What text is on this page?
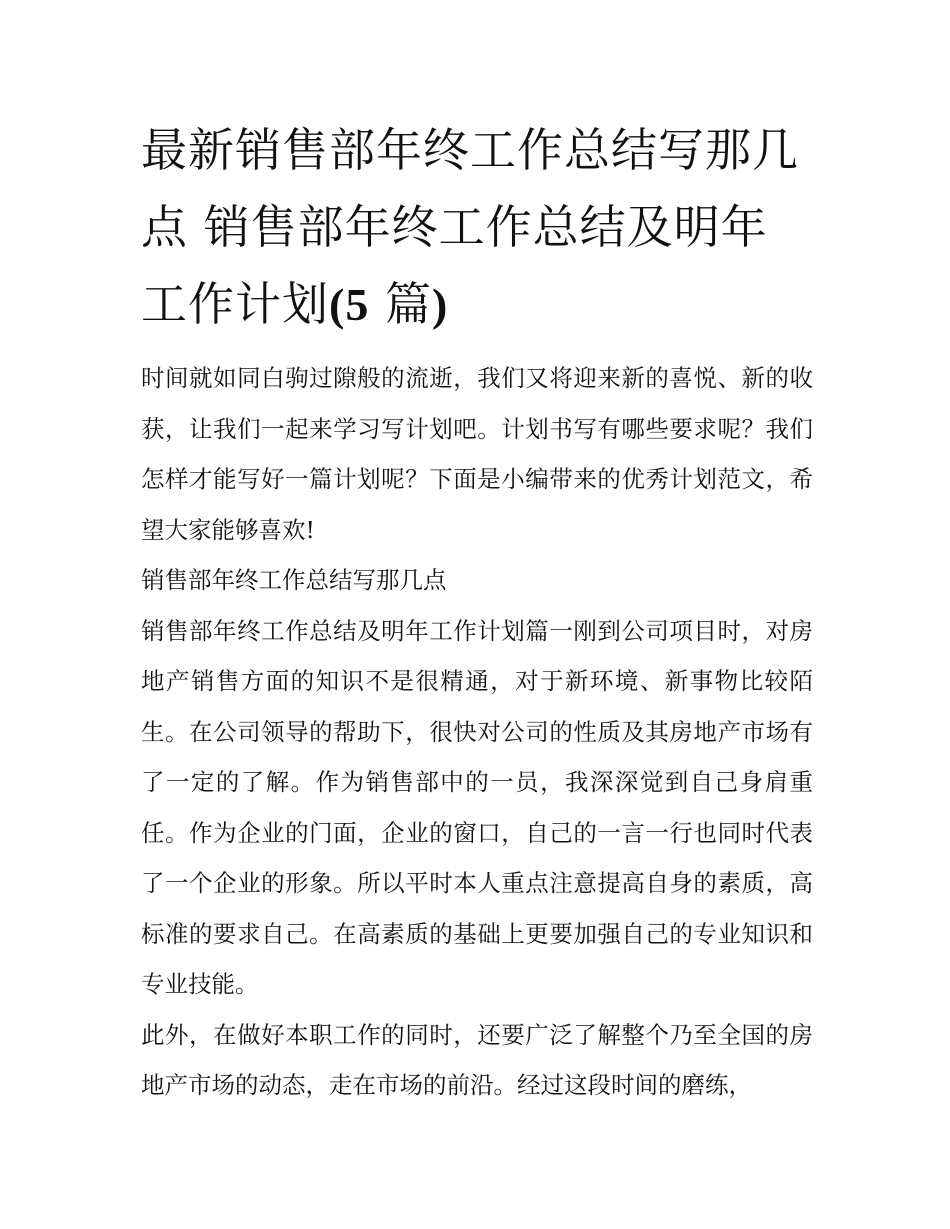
最新销售部年终工作总结写那几点 销售部年终工作总结及明年工作计划(5 篇)

时间就如同白驹过隙般的流逝，我们又将迎来新的喜悦、新的收获，让我们一起来学习写计划吧。计划书写有哪些要求呢？我们怎样才能写好一篇计划呢？下面是小编带来的优秀计划范文，希望大家能够喜欢!

销售部年终工作总结写那几点

销售部年终工作总结及明年工作计划篇一刚到公司项目时，对房地产销售方面的知识不是很精通，对于新环境、新事物比较陌生。在公司领导的帮助下，很快对公司的性质及其房地产市场有了一定的了解。作为销售部中的一员，我深深觉到自己身肩重任。作为企业的门面，企业的窗口，自己的一言一行也同时代表了一个企业的形象。所以平时本人重点注意提高自身的素质，高标准的要求自己。在高素质的基础上更要加强自己的专业知识和专业技能。

此外，在做好本职工作的同时，还要广泛了解整个乃至全国的房地产市场的动态，走在市场的前沿。经过这段时间的磨练，
